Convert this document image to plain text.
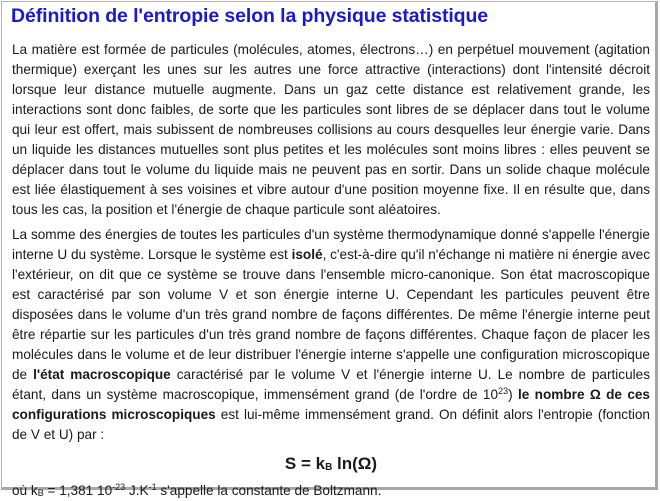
Définition de l'entropie selon la physique statistique

La matière est formée de particules (molécules, atomes, électrons…) en perpétuel mouvement (agitation thermique) exerçant les unes sur les autres une force attractive (interactions) dont l'intensité décroit lorsque leur distance mutuelle augmente. Dans un gaz cette distance est relativement grande, les interactions sont donc faibles, de sorte que les particules sont libres de se déplacer dans tout le volume qui leur est offert, mais subissent de nombreuses collisions au cours desquelles leur énergie varie. Dans un liquide les distances mutuelles sont plus petites et les molécules sont moins libres : elles peuvent se déplacer dans tout le volume du liquide mais ne peuvent pas en sortir. Dans un solide chaque molécule est liée élastiquement à ses voisines et vibre autour d'une position moyenne fixe. Il en résulte que, dans tous les cas, la position et l'énergie de chaque particule sont aléatoires.

La somme des énergies de toutes les particules d'un système thermodynamique donné s'appelle l'énergie interne U du système. Lorsque le système est isolé, c'est-à-dire qu'il n'échange ni matière ni énergie avec l'extérieur, on dit que ce système se trouve dans l'ensemble micro-canonique. Son état macroscopique est caractérisé par son volume V et son énergie interne U. Cependant les particules peuvent être disposées dans le volume d'un très grand nombre de façons différentes. De même l'énergie interne peut être répartie sur les particules d'un très grand nombre de façons différentes. Chaque façon de placer les molécules dans le volume et de leur distribuer l'énergie interne s'appelle une configuration microscopique de l'état macroscopique caractérisé par le volume V et l'énergie interne U. Le nombre de particules étant, dans un système macroscopique, immensément grand (de l'ordre de $10^{23}$) le nombre Ω de ces configurations microscopiques est lui-même immensément grand. On définit alors l'entropie (fonction de V et U) par :

$S = k_B$ ln(Ω)

où $k_B = 1,381$ $10^{-23}$ $J.K^{-1}$ s'appelle la constante de Boltzmann.
